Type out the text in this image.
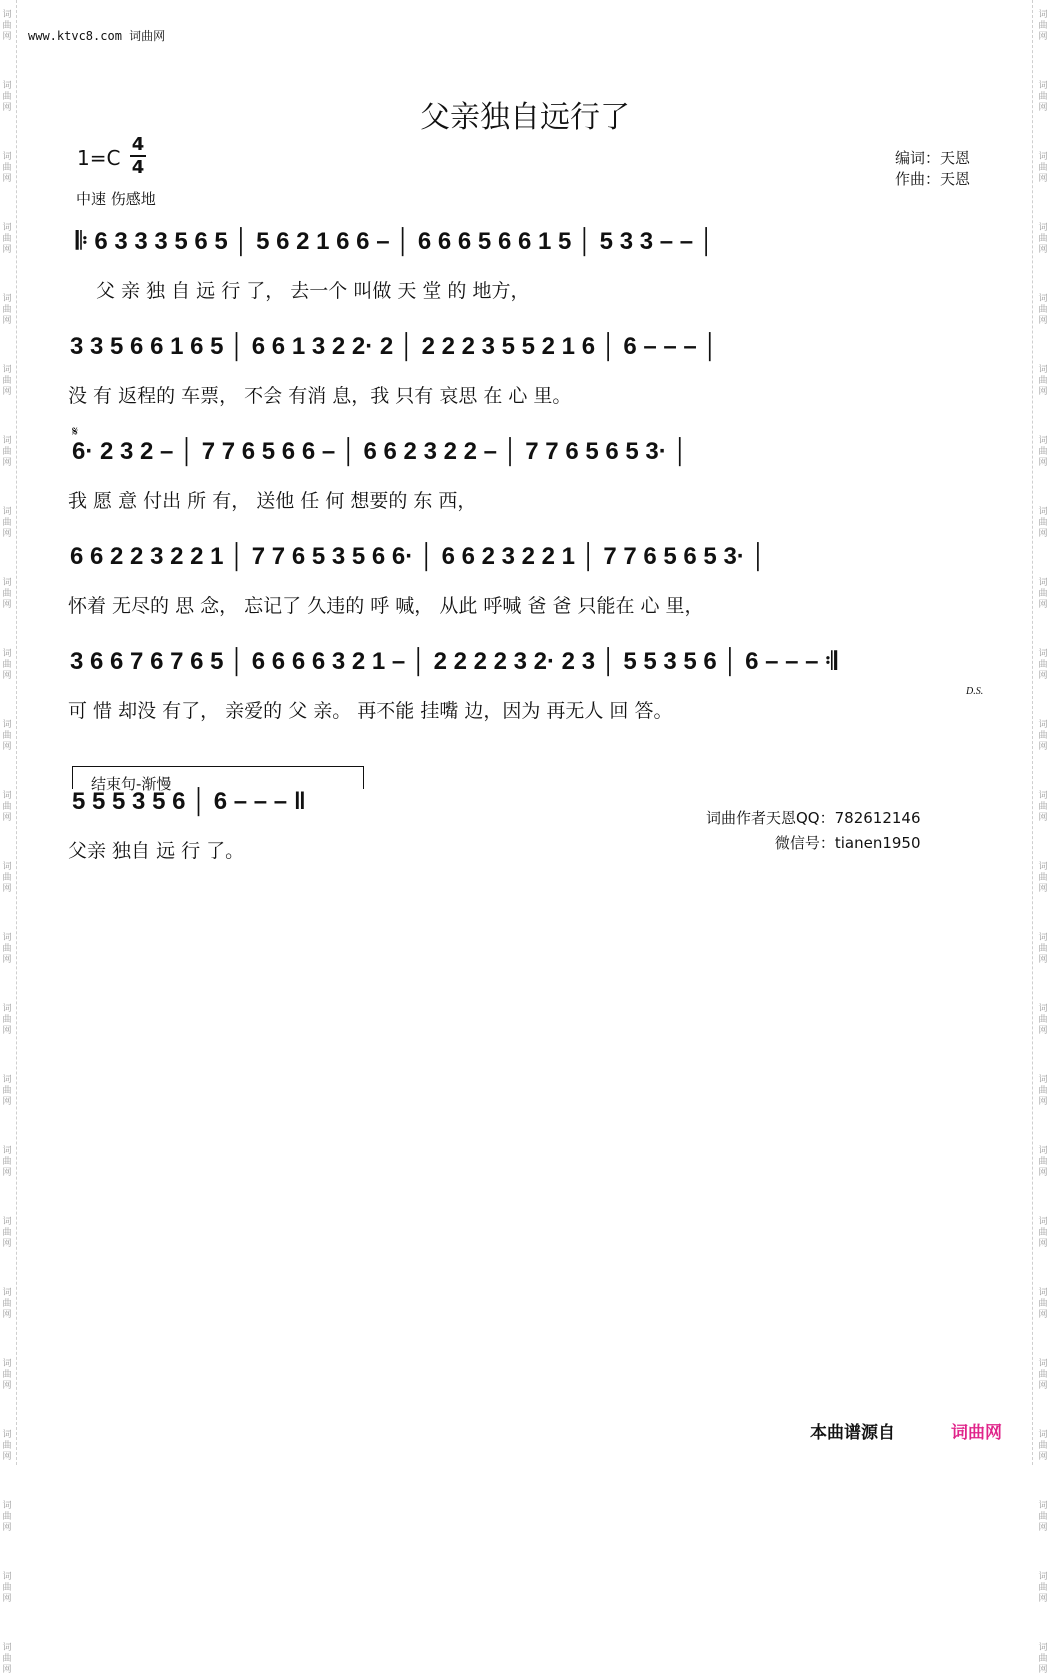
词
曲
网
词
曲
网
词
曲
网
词
曲
网
词
曲
网
词
曲
网
词
曲
网
词
曲
网
词
曲
网
词
曲
网
词
曲
网
词
曲
网
词
曲
网
词
曲
网
词
曲
网
词
曲
网
词
曲
网
词
曲
网
词
曲
网
词
曲
网
词
曲
网
词
曲
网
词
曲
网
词
曲
网
词
曲
网
词
曲
网
词
曲
网
词
曲
网
词
曲
网
词
曲
网
词
曲
网
词
曲
网
词
曲
网
词
曲
网
词
曲
网
词
曲
网
词
曲
网
词
曲
网
词
曲
网
词
曲
网
词
曲
网
词
曲
网
词
曲
网
词
曲
网
词
曲
网
词
曲
网
词
曲
网
词
曲
网
www.ktvc8.com 词曲网
父亲独自远行了
1=C
4
4
中速 伤感地
编词：天恩
作曲：天恩
𝄆 6 3 3 3 5 6 5 │ 5 6 2 1 6 6 – │ 6 6 6 5 6 6 1 5 │ 5 3 3 – – │
父 亲 独 自 远 行 了， 去一个 叫做 天 堂 的 地方，
3 3 5 6 6 1 6 5 │ 6 6 1 3 2 2· 2 │ 2 2 2 3 5 5 2 1 6 │ 6 – – – │
没 有 返程的 车票， 不会 有消 息，我 只有 哀思 在 心 里。
𝄋
6· 2 3 2 – │ 7 7 6 5 6 6 – │ 6 6 2 3 2 2 – │ 7 7 6 5 6 5 3· │
我 愿 意 付出 所 有， 送他 任 何 想要的 东 西，
6 6 2 2 3 2 2 1 │ 7 7 6 5 3 5 6 6· │ 6 6 2 3 2 2 1 │ 7 7 6 5 6 5 3· │
怀着 无尽的 思 念， 忘记了 久违的 呼 喊， 从此 呼喊 爸 爸 只能在 心 里，
3 6 6 7 6 7 6 5 │ 6 6 6 6 3 2 1 – │ 2 2 2 2 3 2· 2 3 │ 5 5 3 5 6 │ 6 – – – 𝄇
可 惜 却没 有了， 亲爱的 父 亲。 再不能 挂嘴 边，因为 再无人 回 答。
D.S.
结束句-渐慢
5 5 5 3 5 6 │ 6 – – – ‖
父亲 独自 远 行 了。
词曲作者天恩QQ：782612146
微信号：tianen1950
本曲谱源自	词曲网
